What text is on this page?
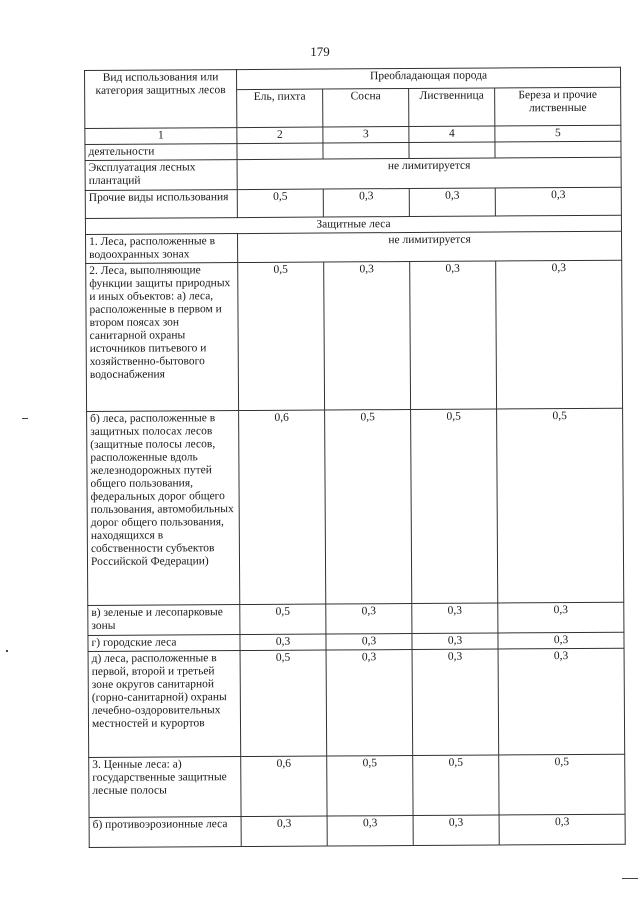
179
Вид использования или категория защитных лесов	Преобладающая порода			
	Ель, пихта	Сосна	Лиственница	Береза и прочие лиственные
1	2	3	4	5
деятельности				
Эксплуатация лесных плантаций	не лимитируется			
Прочие виды использования	0,5	0,3	0,3	0,3
Защитные леса				
1. Леса, расположенные в водоохранных зонах	не лимитируется			
2. Леса, выполняющие функции защиты природных и иных объектов: а) леса, расположенные в первом и втором поясах зон санитарной охраны источников питьевого и хозяйственно-бытового водоснабжения	0,5	0,3	0,3	0,3
б) леса, расположенные в защитных полосах лесов (защитные полосы лесов, расположенные вдоль железнодорожных путей общего пользования, федеральных дорог общего пользования, автомобильных дорог общего пользования, находящихся в собственности субъектов Российской Федерации)	0,6	0,5	0,5	0,5
в) зеленые и лесопарковые зоны	0,5	0,3	0,3	0,3
г) городские леса	0,3	0,3	0,3	0,3
д) леса, расположенные в первой, второй и третьей зоне округов санитарной (горно-санитарной) охраны лечебно-оздоровительных местностей и курортов	0,5	0,3	0,3	0,3
3. Ценные леса: а) государственные защитные лесные полосы	0,6	0,5	0,5	0,5
б) противоэрозионные леса	0,3	0,3	0,3	0,3
